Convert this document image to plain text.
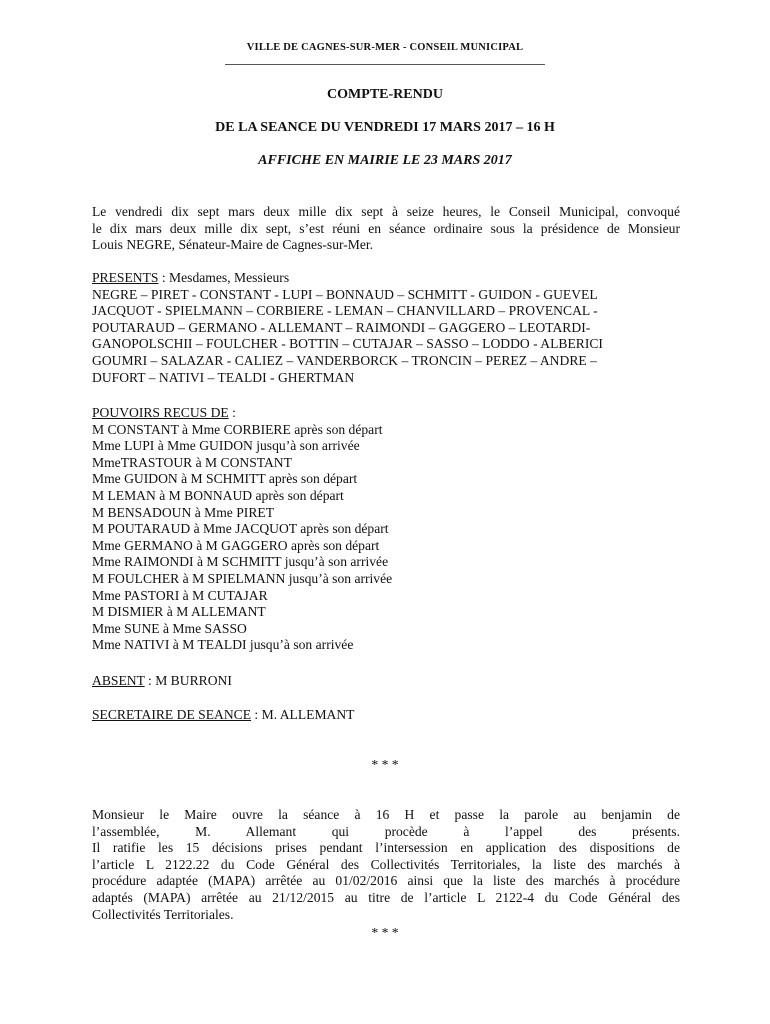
VILLE DE CAGNES-SUR-MER - CONSEIL MUNICIPAL
COMPTE-RENDU
DE LA SEANCE DU VENDREDI 17 MARS 2017 – 16 H
AFFICHE EN MAIRIE LE 23 MARS 2017
Le vendredi dix sept mars deux mille dix sept à seize heures, le Conseil Municipal, convoqué
le dix mars deux mille dix sept, s’est réuni en séance ordinaire sous la présidence de Monsieur
Louis NEGRE, Sénateur-Maire de Cagnes-sur-Mer.
PRESENTS : Mesdames, Messieurs
NEGRE – PIRET - CONSTANT - LUPI – BONNAUD – SCHMITT - GUIDON - GUEVEL
JACQUOT - SPIELMANN – CORBIERE - LEMAN – CHANVILLARD – PROVENCAL -
POUTARAUD – GERMANO - ALLEMANT – RAIMONDI – GAGGERO – LEOTARDI-
GANOPOLSCHII – FOULCHER - BOTTIN – CUTAJAR – SASSO – LODDO - ALBERICI
GOUMRI – SALAZAR - CALIEZ – VANDERBORCK – TRONCIN – PEREZ – ANDRE –
DUFORT – NATIVI – TEALDI - GHERTMAN
POUVOIRS RECUS DE :
M CONSTANT à Mme CORBIERE après son départ
Mme LUPI à Mme GUIDON jusqu’à son arrivée
MmeTRASTOUR à M CONSTANT
Mme GUIDON à M SCHMITT après son départ
M LEMAN à M BONNAUD après son départ
M BENSADOUN à Mme PIRET
M POUTARAUD à Mme JACQUOT après son départ
Mme GERMANO à M GAGGERO après son départ
Mme RAIMONDI à M SCHMITT jusqu’à son arrivée
M FOULCHER à M SPIELMANN jusqu’à son arrivée
Mme PASTORI à M CUTAJAR
M DISMIER à M ALLEMANT
Mme SUNE à Mme SASSO
Mme NATIVI à M TEALDI jusqu’à son arrivée
ABSENT : M BURRONI
SECRETAIRE DE SEANCE : M. ALLEMANT
* * *
Monsieur le Maire ouvre la séance à 16 H et passe la parole au benjamin de
l’assemblée, M. Allemant qui procède à l’appel des présents.
Il ratifie les 15 décisions prises pendant l’intersession en application des dispositions de
l’article L 2122.22 du Code Général des Collectivités Territoriales, la liste des marchés à
procédure adaptée (MAPA) arrêtée au 01/02/2016 ainsi que la liste des marchés à procédure
adaptés (MAPA) arrêtée au 21/12/2015 au titre de l’article L 2122-4 du Code Général des
Collectivités Territoriales.
* * *
